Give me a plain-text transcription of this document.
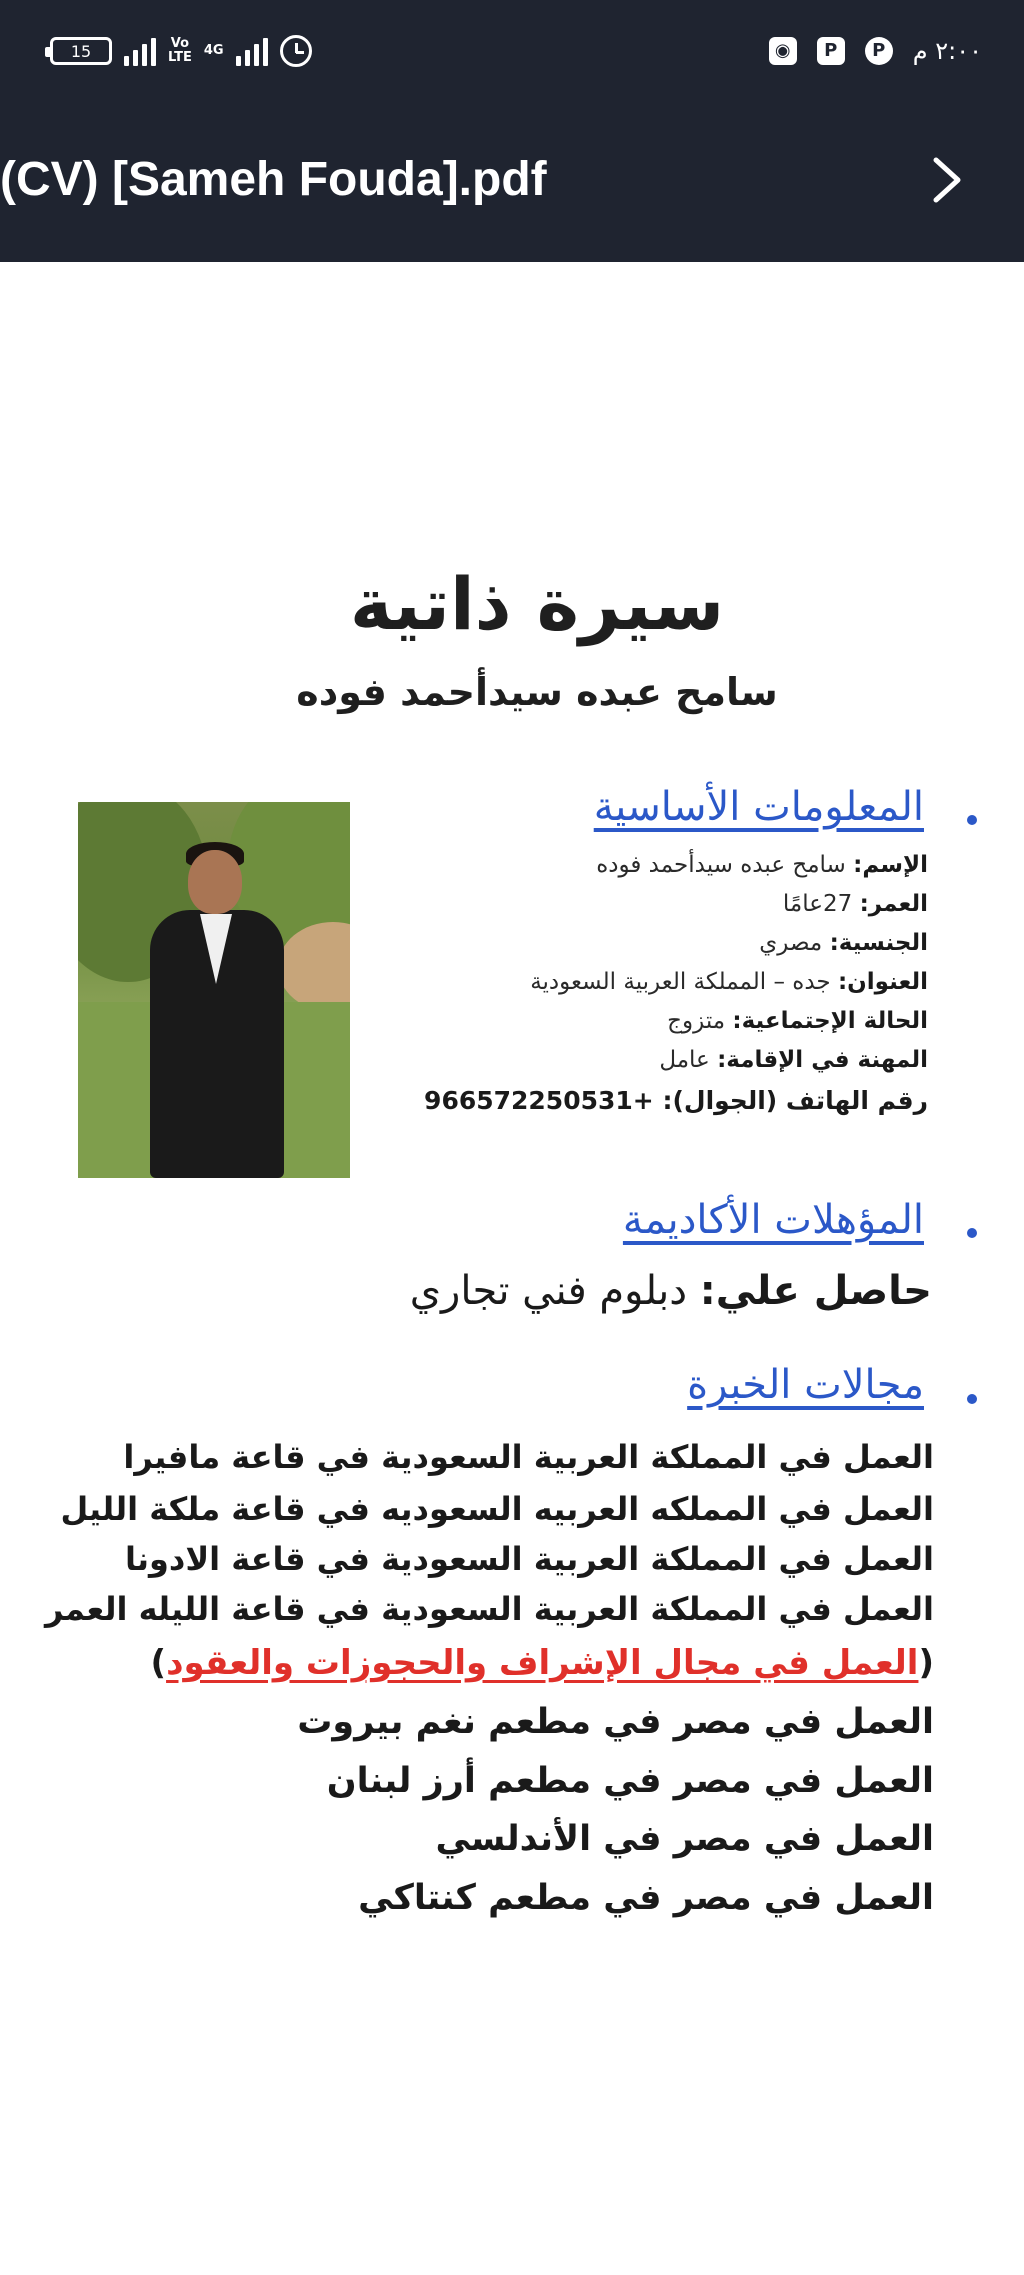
15	Vo
LTE 4G	◉	P	P	٢:٠٠ م
(CV) [Sameh Fouda].pdf
سيرة ذاتية
سامح عبده سيدأحمد فوده
المعلومات الأساسية
الإسم: سامح عبده سيدأحمد فوده
العمر: 27عامًا
الجنسية: مصري
العنوان: جده – المملكة العربية السعودية
الحالة الإجتماعية: متزوج
المهنة في الإقامة: عامل
رقم الهاتف (الجوال): +966572250531
المؤهلات الأكاديمة
حاصل علي: دبلوم فني تجاري
مجالات الخبرة
العمل في المملكة العربية السعودية في قاعة مافيرا
العمل في المملكه العربيه السعوديه في قاعة ملكة الليل
العمل في المملكة العربية السعودية في قاعة الادونا
العمل في المملكة العربية السعودية في قاعة الليله العمر
(العمل في مجال الإشراف والحجوزات والعقود)
العمل في مصر في مطعم نغم بيروت
العمل في مصر في مطعم أرز لبنان
العمل في مصر في الأندلسي
العمل في مصر في مطعم كنتاكي
